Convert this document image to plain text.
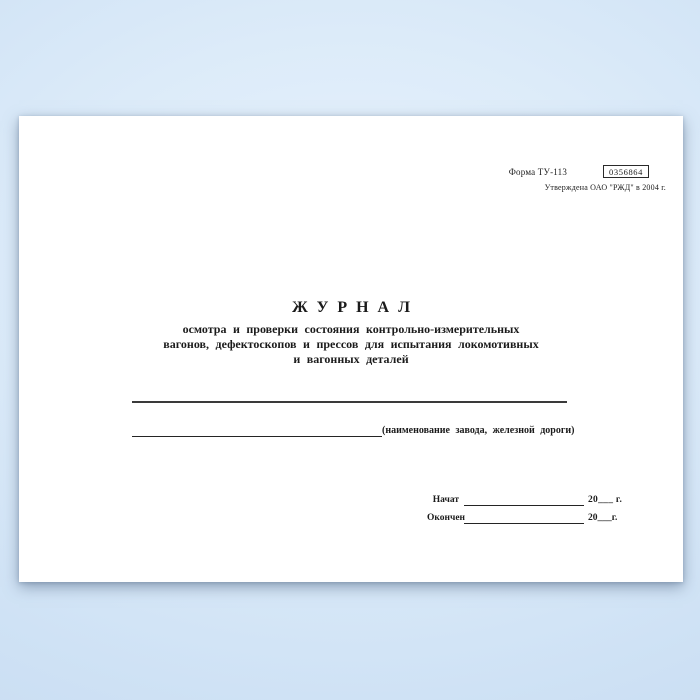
Форма ТУ-113	0356864
Утверждена ОАО "РЖД" в 2004 г.
ЖУРНАЛ
осмотра и проверки состояния контрольно-измерительных
вагонов, дефектоскопов и прессов для испытания локомотивных
и вагонных деталей
(наименование завода, железной дороги)
Начат	20___ г.
Окончен	20___г.
